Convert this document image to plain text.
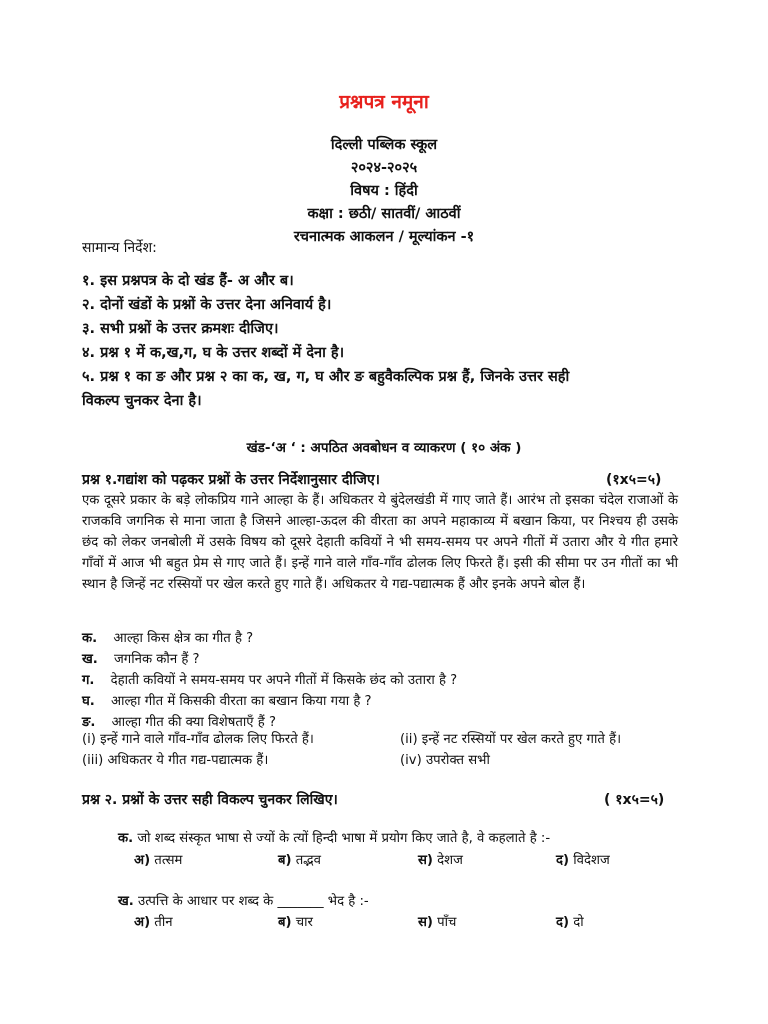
प्रश्नपत्र नमूना
दिल्ली पब्लिक स्कूल
२०२४-२०२५
विषय : हिंदी
कक्षा : छठी/ सातवीं/ आठवीं
रचनात्मक आकलन / मूल्यांकन -१
सामान्य निर्देश:
१. इस प्रश्नपत्र के दो खंड हैं- अ और ब।
२. दोनों खंडों के प्रश्नों के उत्तर देना अनिवार्य है।
३. सभी प्रश्नों के उत्तर क्रमशः दीजिए।
४. प्रश्न १ में क,ख,ग, घ के उत्तर शब्दों में देना है।
५. प्रश्न १ का ङ और प्रश्न २ का क, ख, ग, घ और ङ बहुवैकल्पिक प्रश्न हैं, जिनके उत्तर सही
विकल्प चुनकर देना है।
खंड-‘अ ‘ : अपठित अवबोधन व व्याकरण ( १० अंक )
प्रश्न १.गद्यांश को पढ़कर प्रश्नों के उत्तर निर्देशानुसार दीजिए।	(१x५=५)
एक दूसरे प्रकार के बड़े लोकप्रिय गाने आल्हा के हैं। अधिकतर ये बुंदेलखंडी में गाए जाते हैं। आरंभ तो इसका चंदेल राजाओं के राजकवि जगनिक से माना जाता है जिसने आल्हा-ऊदल की वीरता का अपने महाकाव्य में बखान किया, पर निश्चय ही उसके छंद को लेकर जनबोली में उसके विषय को दूसरे देहाती कवियों ने भी समय-समय पर अपने गीतों में उतारा और ये गीत हमारे गाँवों में आज भी बहुत प्रेम से गाए जाते हैं। इन्हें गाने वाले गाँव-गाँव ढोलक लिए फिरते हैं। इसी की सीमा पर उन गीतों का भी स्थान है जिन्हें नट रस्सियों पर खेल करते हुए गाते हैं। अधिकतर ये गद्य-पद्यात्मक हैं और इनके अपने बोल हैं।
क. आल्हा किस क्षेत्र का गीत है ?
ख. जगनिक कौन हैं ?
ग. देहाती कवियों ने समय-समय पर अपने गीतों में किसके छंद को उतारा है ?
घ. आल्हा गीत में किसकी वीरता का बखान किया गया है ?
ङ. आल्हा गीत की क्या विशेषताएँ हैं ?
(i) इन्हें गाने वाले गाँव-गाँव ढोलक लिए फिरते हैं।	(ii) इन्हें नट रस्सियों पर खेल करते हुए गाते हैं।
(iii) अधिकतर ये गीत गद्य-पद्यात्मक हैं।	(iv) उपरोक्त सभी
प्रश्न २. प्रश्नों के उत्तर सही विकल्प चुनकर लिखिए।	( १x५=५)
क. जो शब्द संस्कृत भाषा से ज्यों के त्यों हिन्दी भाषा में प्रयोग किए जाते है, वे कहलाते है :-
अ) तत्सम	ब) तद्भव	स) देशज	द) विदेशज
ख. उत्पत्ति के आधार पर शब्द के _______ भेद है :-
अ) तीन	ब) चार	स) पाँच	द) दो
